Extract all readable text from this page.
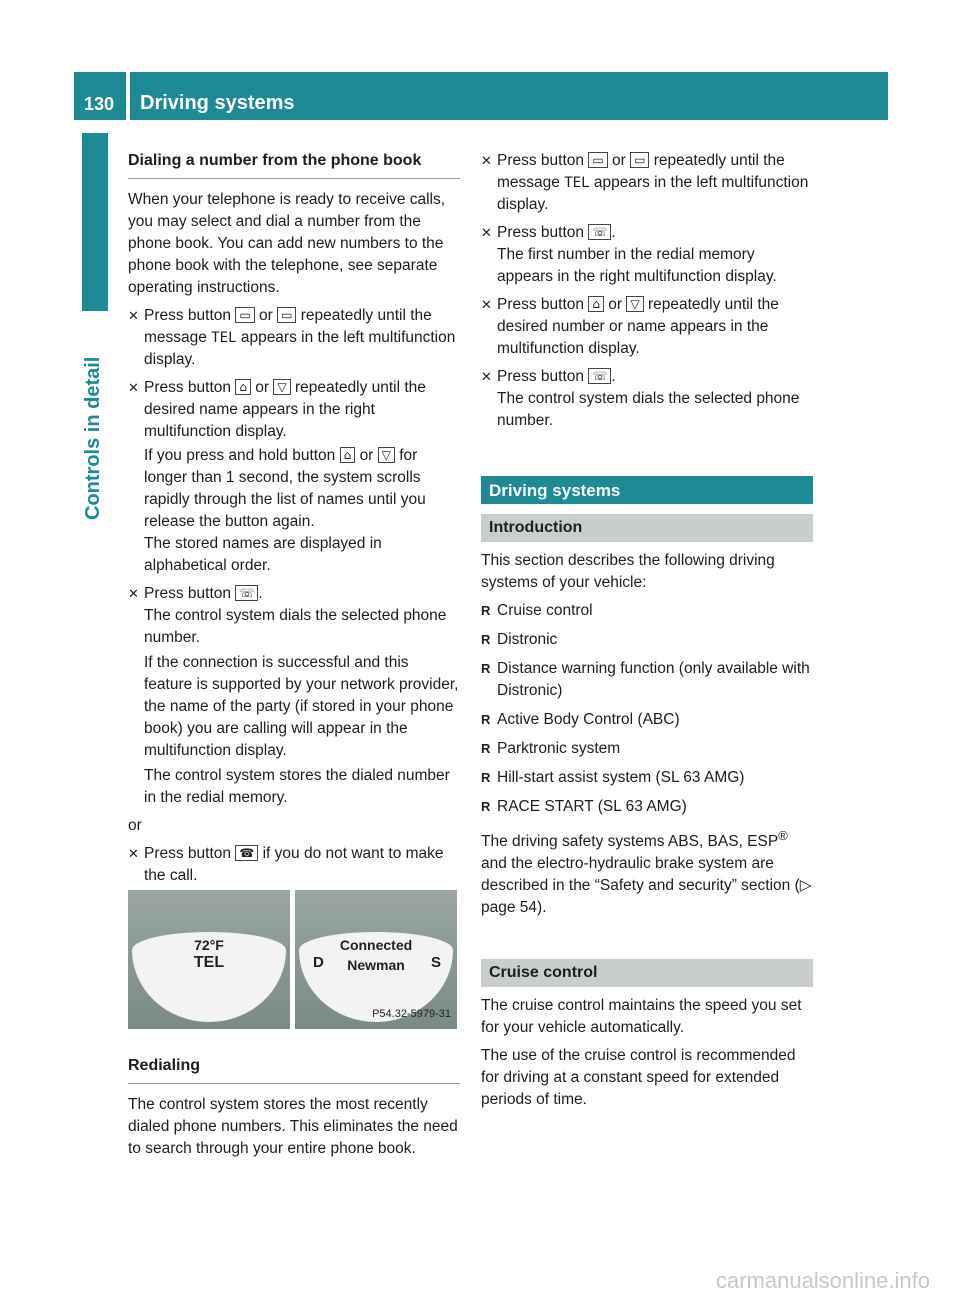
130 Driving systems
Controls in detail
Dialing a number from the phone book

When your telephone is ready to receive calls, you may select and dial a number from the phone book. You can add new numbers to the phone book with the telephone, see separate operating instructions.

✕ Press button ▭ or ▭ repeatedly until the message TEL appears in the left multifunction display.
✕ Press button ⌂ or ▽ repeatedly until the desired name appears in the right multifunction display.
If you press and hold button ⌂ or ▽ for longer than 1 second, the system scrolls rapidly through the list of names until you release the button again.
The stored names are displayed in alphabetical order.
✕ Press button ☏ .
The control system dials the selected phone number.
If the connection is successful and this feature is supported by your network provider, the name of the party (if stored in your phone book) you are calling will appear in the multifunction display.
The control system stores the dialed number in the redial memory.

or

✕ Press button ☎ if you do not want to make the call.
72°F
TEL
Connected
Newman
D	S
P54.32-5979-31
Redialing

The control system stores the most recently dialed phone numbers. This eliminates the need to search through your entire phone book.

✕ Press button ▭ or ▭ repeatedly until the message TEL appears in the left multifunction display.
✕ Press button ☏ .
The first number in the redial memory appears in the right multifunction display.
✕ Press button ⌂ or ▽ repeatedly until the desired number or name appears in the multifunction display.
✕ Press button ☏ .
The control system dials the selected phone number.
Driving systems
Introduction

This section describes the following driving systems of your vehicle:

R Cruise control
R Distronic
R Distance warning function (only available with Distronic)
R Active Body Control (ABC)
R Parktronic system
R Hill-start assist system (SL 63 AMG)
R RACE START (SL 63 AMG)

The driving safety systems ABS, BAS, ESP® and the electro-hydraulic brake system are described in the “Safety and security” section (▷ page 54).

Cruise control

The cruise control maintains the speed you set for your vehicle automatically.

The use of the cruise control is recommended for driving at a constant speed for extended periods of time.

carmanualsonline.info
